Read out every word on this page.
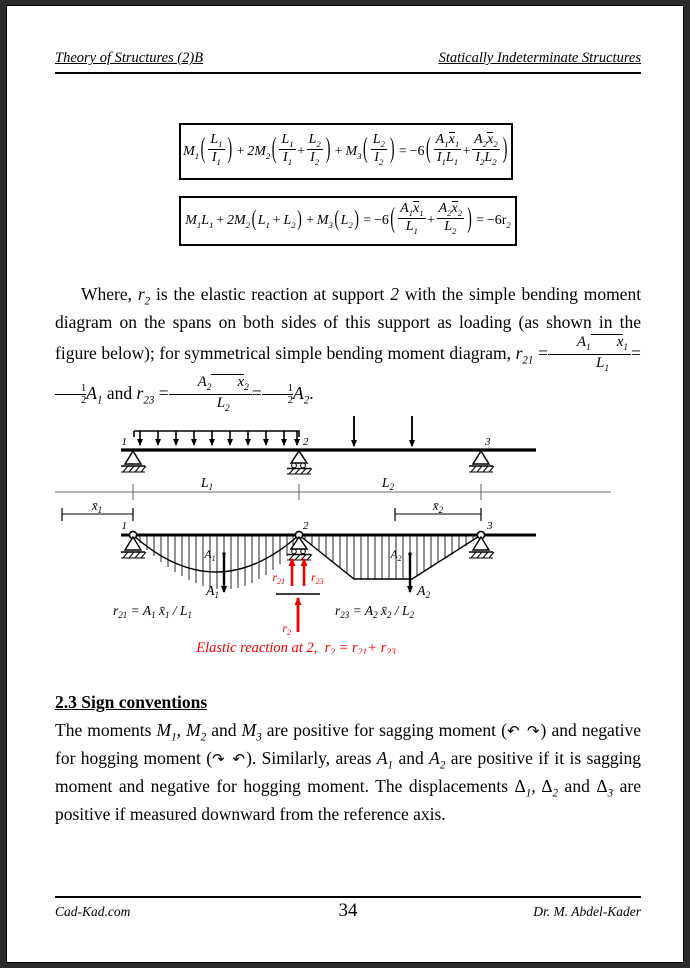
Theory of Structures (2)B	Statically Indeterminate Structures
$M_1$ ( $\frac{L_1}{I_1}$ ) + $2M_2$ ( $\frac{L_1}{I_1} + \frac{L_2}{I_2}$ ) + $M_3$ ( $\frac{L_2}{I_2}$ ) = −6 ( $\frac{A_1x_1}{I_1L_1} + \frac{A_2x_2}{I_2L_2}$ )
$M_1L_1 + 2M_2$ ( $L_1 + L_2$ ) + $M_3$ ( $L_2$ ) = −6 ( $\frac{A_1x_1}{L_1} + \frac{A_2x_2}{L_2}$ ) = $-6r_2$
Where, $r_2$ is the elastic reaction at support 2 with the simple bending moment diagram on the spans on both sides of this support as loading (as shown in the figure below); for symmetrical simple bending moment diagram, $r_{21} = \frac{A_1 x_1}{L_1}$ =
$\frac{1}{2} A_1$ and $r_{23} = \frac{A_2 x_2}{L_2} = \frac{1}{2} A_2$.
1	2	3
$L_1$	$L_2$
$x̄_1$	$x̄_2$
1	2	3
$A_1$	$A_2$
$A_1$	$A_2$
$r_{21}$ $r_{23}$
$r_2$
$r_{21} = A_1$ $x̄_1 / L_1$	$r_{23} = A_2$ $x̄_2 / L_2$
Elastic reaction at 2,  $r_2 = r_{21}+ r_{23}$
2.3 Sign conventions
The moments $M_1$, $M_2$ and $M_3$ are positive for sagging moment (↶ ↷) and negative for hogging moment (↷ ↶). Similarly, areas $A_1$ and $A_2$ are positive if it is sagging moment and negative for hogging moment. The displacements $\Delta_1$, $\Delta_2$ and $\Delta_3$ are positive if measured downward from the reference axis.
Cad-Kad.com	34	Dr. M. Abdel-Kader
